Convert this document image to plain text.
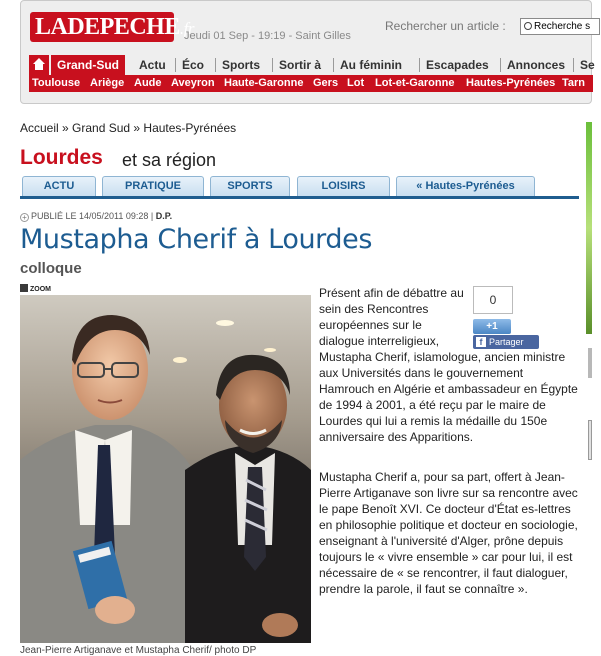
LADEPECHE.fr
Jeudi 01 Sep - 19:19 - Saint Gilles
Rechercher un article :	Recherche s
Grand-Sud	Actu Éco Sports Sortir à Au féminin Escapades Annonces Se
Toulouse Ariège Aude Aveyron Haute-Garonne Gers Lot Lot-et-Garonne Hautes-Pyrénées Tarn
Accueil » Grand Sud » Hautes-Pyrénées
Lourdes et sa région
ACTU	PRATIQUE	SPORTS	LOISIRS	« Hautes-Pyrénées
+ PUBLIÉ LE 14/05/2011 09:28 | D.P.
Mustapha Cherif à Lourdes
colloque
ZOOM
Jean-Pierre Artiganave et Mustapha Cherif/ photo DP
0
+1
f Partager
Présent afin de débattre au sein des Rencontres européennes sur le dialogue interreligieux,
Mustapha Cherif, islamologue, ancien ministre aux Universités dans le gouvernement Hamrouch en Algérie et ambassadeur en Égypte de 1994 à 2001, a été reçu par le maire de Lourdes qui lui a remis la médaille du 150e anniversaire des Apparitions.
Mustapha Cherif a, pour sa part, offert à Jean-Pierre Artiganave son livre sur sa rencontre avec le pape Benoît XVI. Ce docteur d'État es-lettres en philosophie politique et docteur en sociologie, enseignant à l'université d'Alger, prône depuis toujours le « vivre ensemble » car pour lui, il est nécessaire de « se rencontrer, il faut dialoguer, prendre la parole, il faut se connaître ».
